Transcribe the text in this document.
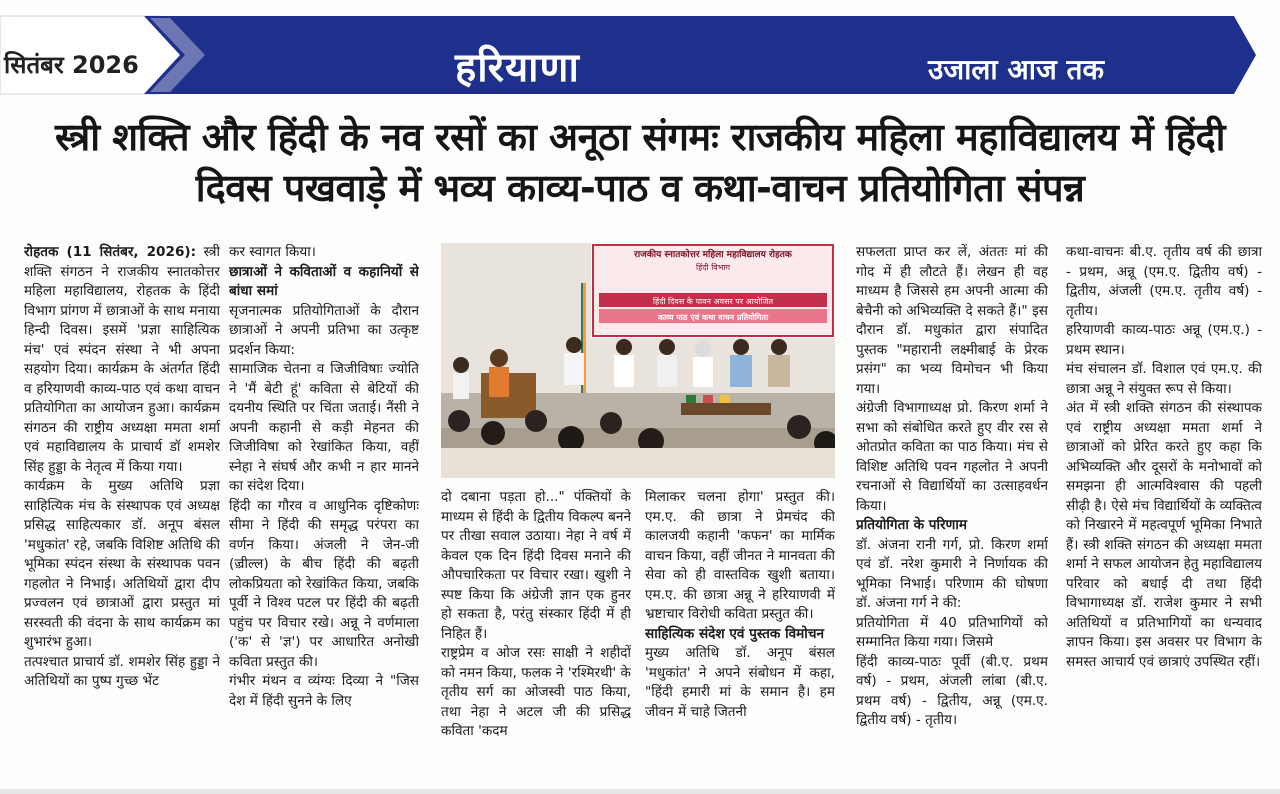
सितंबर 2026	हरियाणा	उजाला आज तक
स्त्री शक्ति और हिंदी के नव रसों का अनूठा संगमः राजकीय महिला महाविद्यालय में हिंदी दिवस पखवाड़े में भव्य काव्य-पाठ व कथा-वाचन प्रतियोगिता संपन्न

रोहतक (11 सितंबर, 2026): स्त्री शक्ति संगठन ने राजकीय स्नातकोत्तर महिला महाविद्यालय, रोहतक के हिंदी विभाग प्रांगण में छात्राओं के साथ मनाया हिन्दी दिवस। इसमें 'प्रज्ञा साहित्यिक मंच' एवं स्पंदन संस्था ने भी अपना सहयोग दिया। कार्यक्रम के अंतर्गत हिंदी व हरियाणवी काव्य-पाठ एवं कथा वाचन प्रतियोगिता का आयोजन हुआ। कार्यक्रम संगठन की राष्ट्रीय अध्यक्षा ममता शर्मा एवं महाविद्यालय के प्राचार्य डॉ शमशेर सिंह हुड्डा के नेतृत्व में किया गया।

कार्यक्रम के मुख्य अतिथि प्रज्ञा साहित्यिक मंच के संस्थापक एवं अध्यक्ष प्रसिद्ध साहित्यकार डॉ. अनूप बंसल 'मधुकांत' रहे, जबकि विशिष्ट अतिथि की भूमिका स्पंदन संस्था के संस्थापक पवन गहलोत ने निभाई। अतिथियों द्वारा दीप प्रज्वलन एवं छात्राओं द्वारा प्रस्तुत मां सरस्वती की वंदना के साथ कार्यक्रम का शुभारंभ हुआ।

तत्पश्चात प्राचार्य डॉ. शमशेर सिंह हुड्डा ने अतिथियों का पुष्प गुच्छ भेंट

कर स्वागत किया।

छात्राओं ने कविताओं व कहानियों से बांधा समां

सृजनात्मक प्रतियोगिताओं के दौरान छात्राओं ने अपनी प्रतिभा का उत्कृष्ट प्रदर्शन किया:

सामाजिक चेतना व जिजीविषाः ज्योति ने 'मैं बेटी हूं' कविता से बेटियों की दयनीय स्थिति पर चिंता जताई। नैंसी ने अपनी कहानी से कड़ी मेहनत की जिजीविषा को रेखांकित किया, वहीं स्नेहा ने संघर्ष और कभी न हार मानने का संदेश दिया।

हिंदी का गौरव व आधुनिक दृष्टिकोणः सीमा ने हिंदी की समृद्ध परंपरा का वर्णन किया। अंजली ने जेन-जी (ज़्रील्ल) के बीच हिंदी की बढ़ती लोकप्रियता को रेखांकित किया, जबकि पूर्वी ने विश्व पटल पर हिंदी की बढ़ती पहुंच पर विचार रखे। अन्नू ने वर्णमाला ('क' से 'ज्ञ') पर आधारित अनोखी कविता प्रस्तुत की।

गंभीर मंथन व व्यंग्यः दिव्या ने "जिस देश में हिंदी सुनने के लिए

राजकीय स्नातकोत्तर महिला महाविद्यालय रोहतक
हिंदी विभाग
हिंदी दिवस के पावन अवसर पर आयोजित
काव्य पाठ एवं कथा वाचन प्रतियोगिता

दो दबाना पड़ता हो..." पंक्तियों के माध्यम से हिंदी के द्वितीय विकल्प बनने पर तीखा सवाल उठाया। नेहा ने वर्ष में केवल एक दिन हिंदी दिवस मनाने की औपचारिकता पर विचार रखा। खुशी ने स्पष्ट किया कि अंग्रेजी ज्ञान एक हुनर हो सकता है, परंतु संस्कार हिंदी में ही निहित हैं।

राष्ट्रप्रेम व ओज रसः साक्षी ने शहीदों को नमन किया, फलक ने 'रश्मिरथी' के तृतीय सर्ग का ओजस्वी पाठ किया, तथा नेहा ने अटल जी की प्रसिद्ध कविता 'कदम

मिलाकर चलना होगा' प्रस्तुत की। एम.ए. की छात्रा ने प्रेमचंद की कालजयी कहानी 'कफन' का मार्मिक वाचन किया, वहीं जीनत ने मानवता की सेवा को ही वास्तविक खुशी बताया। एम.ए. की छात्रा अन्नू ने हरियाणवी में भ्रष्टाचार विरोधी कविता प्रस्तुत की।

साहित्यिक संदेश एवं पुस्तक विमोचन

मुख्य अतिथि डॉ. अनूप बंसल 'मधुकांत' ने अपने संबोधन में कहा, "हिंदी हमारी मां के समान है। हम जीवन में चाहे जितनी

सफलता प्राप्त कर लें, अंततः मां की गोद में ही लौटते हैं। लेखन ही वह माध्यम है जिससे हम अपनी आत्मा की बेचैनी को अभिव्यक्ति दे सकते हैं।" इस दौरान डॉ. मधुकांत द्वारा संपादित पुस्तक "महारानी लक्ष्मीबाई के प्रेरक प्रसंग" का भव्य विमोचन भी किया गया।

अंग्रेजी विभागाध्यक्ष प्रो. किरण शर्मा ने सभा को संबोधित करते हुए वीर रस से ओतप्रोत कविता का पाठ किया। मंच से विशिष्ट अतिथि पवन गहलोत ने अपनी रचनाओं से विद्यार्थियों का उत्साहवर्धन किया।

प्रतियोगिता के परिणाम

डॉ. अंजना रानी गर्ग, प्रो. किरण शर्मा एवं डॉ. नरेश कुमारी ने निर्णायक की भूमिका निभाई। परिणाम की घोषणा डॉ. अंजना गर्ग ने की:

प्रतियोगिता में 40 प्रतिभागियों को सम्मानित किया गया। जिसमे

हिंदी काव्य-पाठः पूर्वी (बी.ए. प्रथम वर्ष) - प्रथम, अंजली लांबा (बी.ए. प्रथम वर्ष) - द्वितीय, अन्नू (एम.ए. द्वितीय वर्ष) - तृतीय।

कथा-वाचनः बी.ए. तृतीय वर्ष की छात्रा - प्रथम, अन्नू (एम.ए. द्वितीय वर्ष) - द्वितीय, अंजली (एम.ए. तृतीय वर्ष) - तृतीय।

हरियाणवी काव्य-पाठः अन्नू (एम.ए.) - प्रथम स्थान।

मंच संचालन डॉ. विशाल एवं एम.ए. की छात्रा अन्नू ने संयुक्त रूप से किया।

अंत में स्त्री शक्ति संगठन की संस्थापक एवं राष्ट्रीय अध्यक्षा ममता शर्मा ने छात्राओं को प्रेरित करते हुए कहा कि अभिव्यक्ति और दूसरों के मनोभावों को समझना ही आत्मविश्वास की पहली सीढ़ी है। ऐसे मंच विद्यार्थियों के व्यक्तित्व को निखारने में महत्वपूर्ण भूमिका निभाते हैं। स्त्री शक्ति संगठन की अध्यक्षा ममता शर्मा ने सफल आयोजन हेतु महाविद्यालय परिवार को बधाई दी तथा हिंदी विभागाध्यक्ष डॉ. राजेश कुमार ने सभी अतिथियों व प्रतिभागियों का धन्यवाद ज्ञापन किया। इस अवसर पर विभाग के समस्त आचार्य एवं छात्राएं उपस्थित रहीं।
